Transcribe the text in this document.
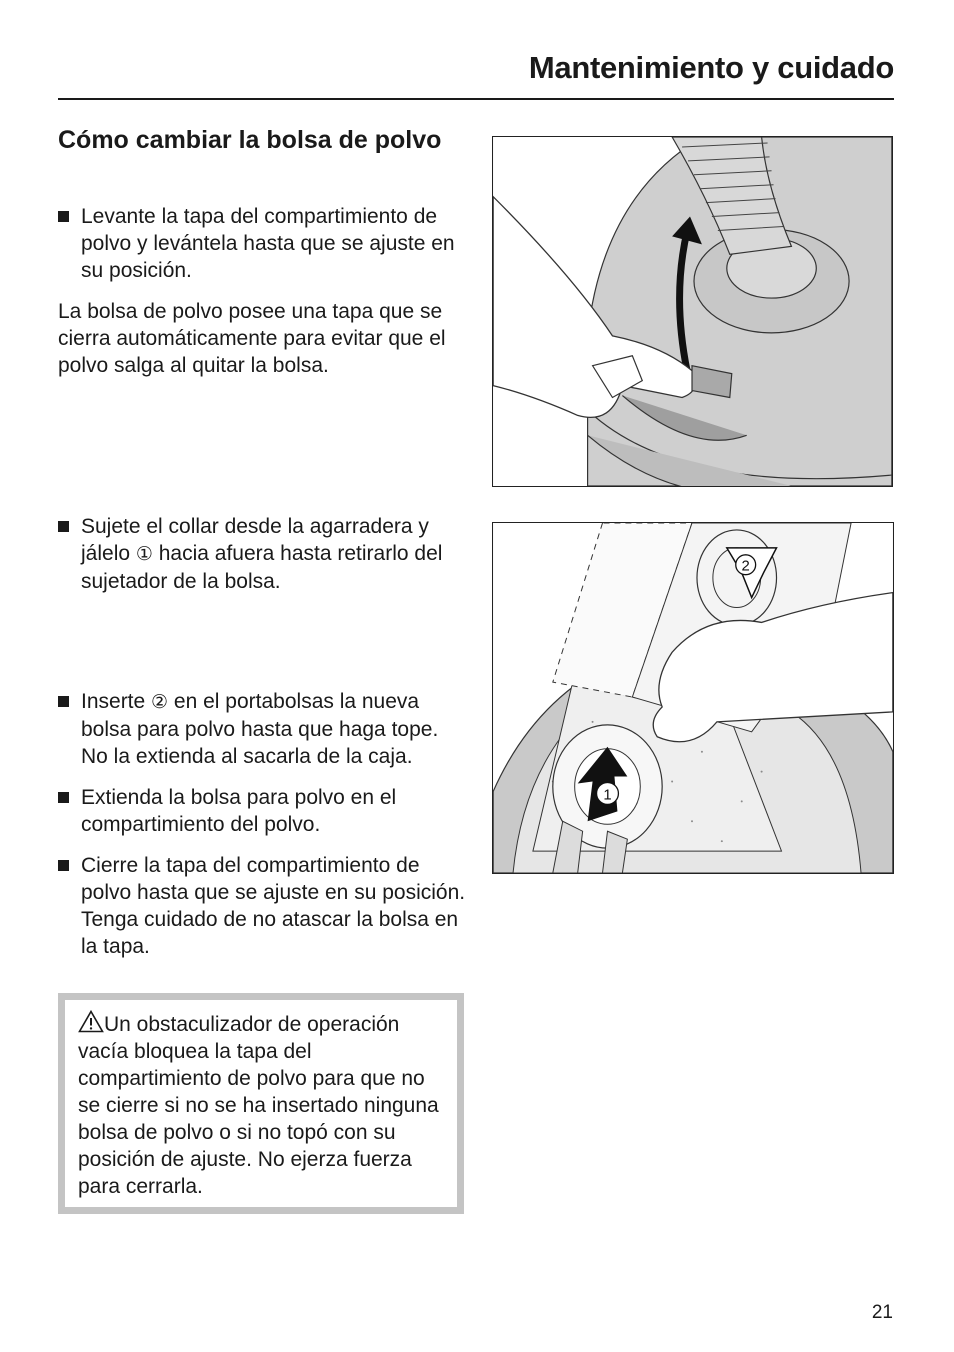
Mantenimiento y cuidado
Cómo cambiar la bolsa de polvo

Levante la tapa del compartimiento de polvo y levántela hasta que se ajuste en su posición.

La bolsa de polvo posee una tapa que se cierra automáticamente para evitar que el polvo salga al quitar la bolsa.

Sujete el collar desde la agarradera y jálelo ① hacia afuera hasta retirarlo del sujetador de la bolsa.

Inserte ② en el portabolsas la nueva bolsa para polvo hasta que haga tope. No la extienda al sacarla de la caja.

Extienda la bolsa para polvo en el compartimiento del polvo.

Cierre la tapa del compartimiento de polvo hasta que se ajuste en su posición. Tenga cuidado de no atascar la bolsa en la tapa.

Un obstaculizador de operación vacía bloquea la tapa del compartimiento de polvo para que no se cierre si no se ha insertado ninguna bolsa de polvo o si no topó con su posición de ajuste. No ejerza fuerza para cerrarla.
2
1
21
